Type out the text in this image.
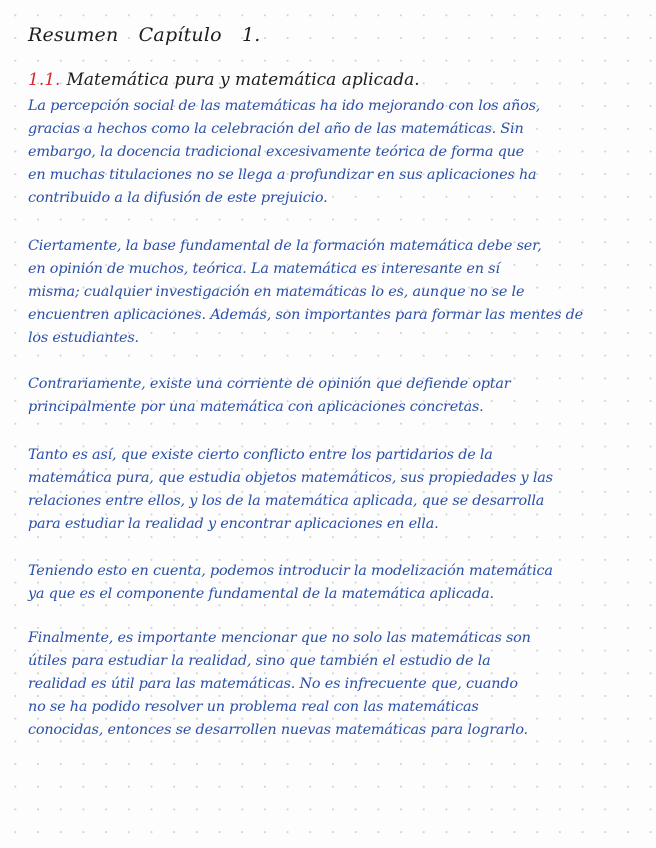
Resumen Capítulo 1.
1.1. Matemática pura y matemática aplicada.
La percepción social de las matemáticas ha ido mejorando con los años,
gracias a hechos como la celebración del año de las matemáticas. Sin
embargo, la docencia tradicional excesivamente teórica de forma que
en muchas titulaciones no se llega a profundizar en sus aplicaciones ha
contribuido a la difusión de este prejuicio.
Ciertamente, la base fundamental de la formación matemática debe ser,
en opinión de muchos, teórica. La matemática es interesante en sí
misma; cualquier investigación en matemáticas lo es, aunque no se le
encuentren aplicaciones. Además, son importantes para formar las mentes de
los estudiantes.
Contrariamente, existe una corriente de opinión que defiende optar
principalmente por una matemática con aplicaciones concretas.
Tanto es así, que existe cierto conflicto entre los partidarios de la
matemática pura, que estudia objetos matemáticos, sus propiedades y las
relaciones entre ellos, y los de la matemática aplicada, que se desarrolla
para estudiar la realidad y encontrar aplicaciones en ella.
Teniendo esto en cuenta, podemos introducir la modelización matemática
ya que es el componente fundamental de la matemática aplicada.
Finalmente, es importante mencionar que no solo las matemáticas son
útiles para estudiar la realidad, sino que también el estudio de la
realidad es útil para las matemáticas. No es infrecuente que, cuando
no se ha podido resolver un problema real con las matemáticas
conocidas, entonces se desarrollen nuevas matemáticas para lograrlo.
